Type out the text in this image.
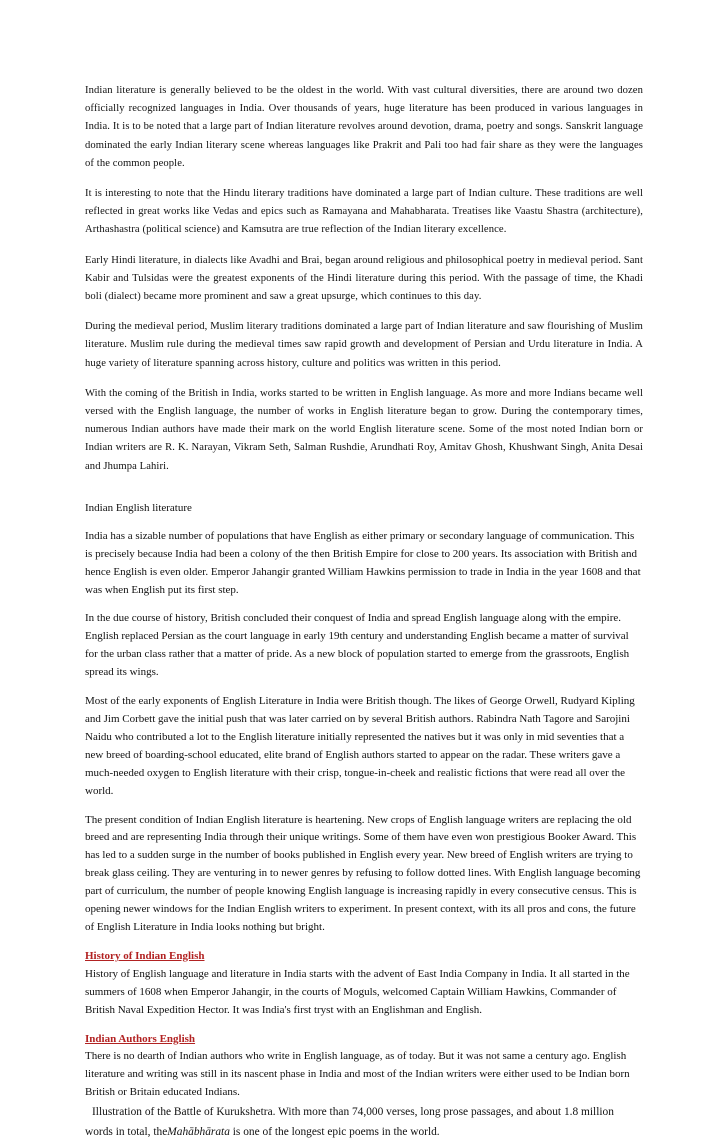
Indian literature is generally believed to be the oldest in the world. With vast cultural diversities, there are around two dozen officially recognized languages in India. Over thousands of years, huge literature has been produced in various languages in India. It is to be noted that a large part of Indian literature revolves around devotion, drama, poetry and songs. Sanskrit language dominated the early Indian literary scene whereas languages like Prakrit and Pali too had fair share as they were the languages of the common people.

It is interesting to note that the Hindu literary traditions have dominated a large part of Indian culture. These traditions are well reflected in great works like Vedas and epics such as Ramayana and Mahabharata. Treatises like Vaastu Shastra (architecture), Arthashastra (political science) and Kamsutra are true reflection of the Indian literary excellence.

Early Hindi literature, in dialects like Avadhi and Brai, began around religious and philosophical poetry in medieval period. Sant Kabir and Tulsidas were the greatest exponents of the Hindi literature during this period. With the passage of time, the Khadi boli (dialect) became more prominent and saw a great upsurge, which continues to this day.

During the medieval period, Muslim literary traditions dominated a large part of Indian literature and saw flourishing of Muslim literature. Muslim rule during the medieval times saw rapid growth and development of Persian and Urdu literature in India. A huge variety of literature spanning across history, culture and politics was written in this period.

With the coming of the British in India, works started to be written in English language. As more and more Indians became well versed with the English language, the number of works in English literature began to grow. During the contemporary times, numerous Indian authors have made their mark on the world English literature scene. Some of the most noted Indian born or Indian writers are R. K. Narayan, Vikram Seth, Salman Rushdie, Arundhati Roy, Amitav Ghosh, Khushwant Singh, Anita Desai and Jhumpa Lahiri.

Indian English literature

India has a sizable number of populations that have English as either primary or secondary language of communication. This is precisely because India had been a colony of the then British Empire for close to 200 years. Its association with British and hence English is even older. Emperor Jahangir granted William Hawkins permission to trade in India in the year 1608 and that was when English put its first step.

In the due course of history, British concluded their conquest of India and spread English language along with the empire. English replaced Persian as the court language in early 19th century and understanding English became a matter of survival for the urban class rather that a matter of pride. As a new block of population started to emerge from the grassroots, English spread its wings.

Most of the early exponents of English Literature in India were British though. The likes of George Orwell, Rudyard Kipling and Jim Corbett gave the initial push that was later carried on by several British authors. Rabindra Nath Tagore and Sarojini Naidu who contributed a lot to the English literature initially represented the natives but it was only in mid seventies that a new breed of boarding-school educated, elite brand of English authors started to appear on the radar. These writers gave a much-needed oxygen to English literature with their crisp, tongue-in-cheek and realistic fictions that were read all over the world.

The present condition of Indian English literature is heartening. New crops of English language writers are replacing the old breed and are representing India through their unique writings. Some of them have even won prestigious Booker Award. This has led to a sudden surge in the number of books published in English every year. New breed of English writers are trying to break glass ceiling. They are venturing in to newer genres by refusing to follow dotted lines. With English language becoming part of curriculum, the number of people knowing English language is increasing rapidly in every consecutive census. This is opening newer windows for the Indian English writers to experiment. In present context, with its all pros and cons, the future of English Literature in India looks nothing but bright.

History of Indian English
History of English language and literature in India starts with the advent of East India Company in India. It all started in the summers of 1608 when Emperor Jahangir, in the courts of Moguls, welcomed Captain William Hawkins, Commander of British Naval Expedition Hector. It was India's first tryst with an Englishman and English.
Indian Authors English
There is no dearth of Indian authors who write in English language, as of today. But it was not same a century ago. English literature and writing was still in its nascent phase in India and most of the Indian writers were either used to be Indian born British or Britain educated Indians.

Illustration of the Battle of Kurukshetra. With more than 74,000 verses, long prose passages, and about 1.8 million words in total, theMahābhārata is one of the longest epic poems in the world.
